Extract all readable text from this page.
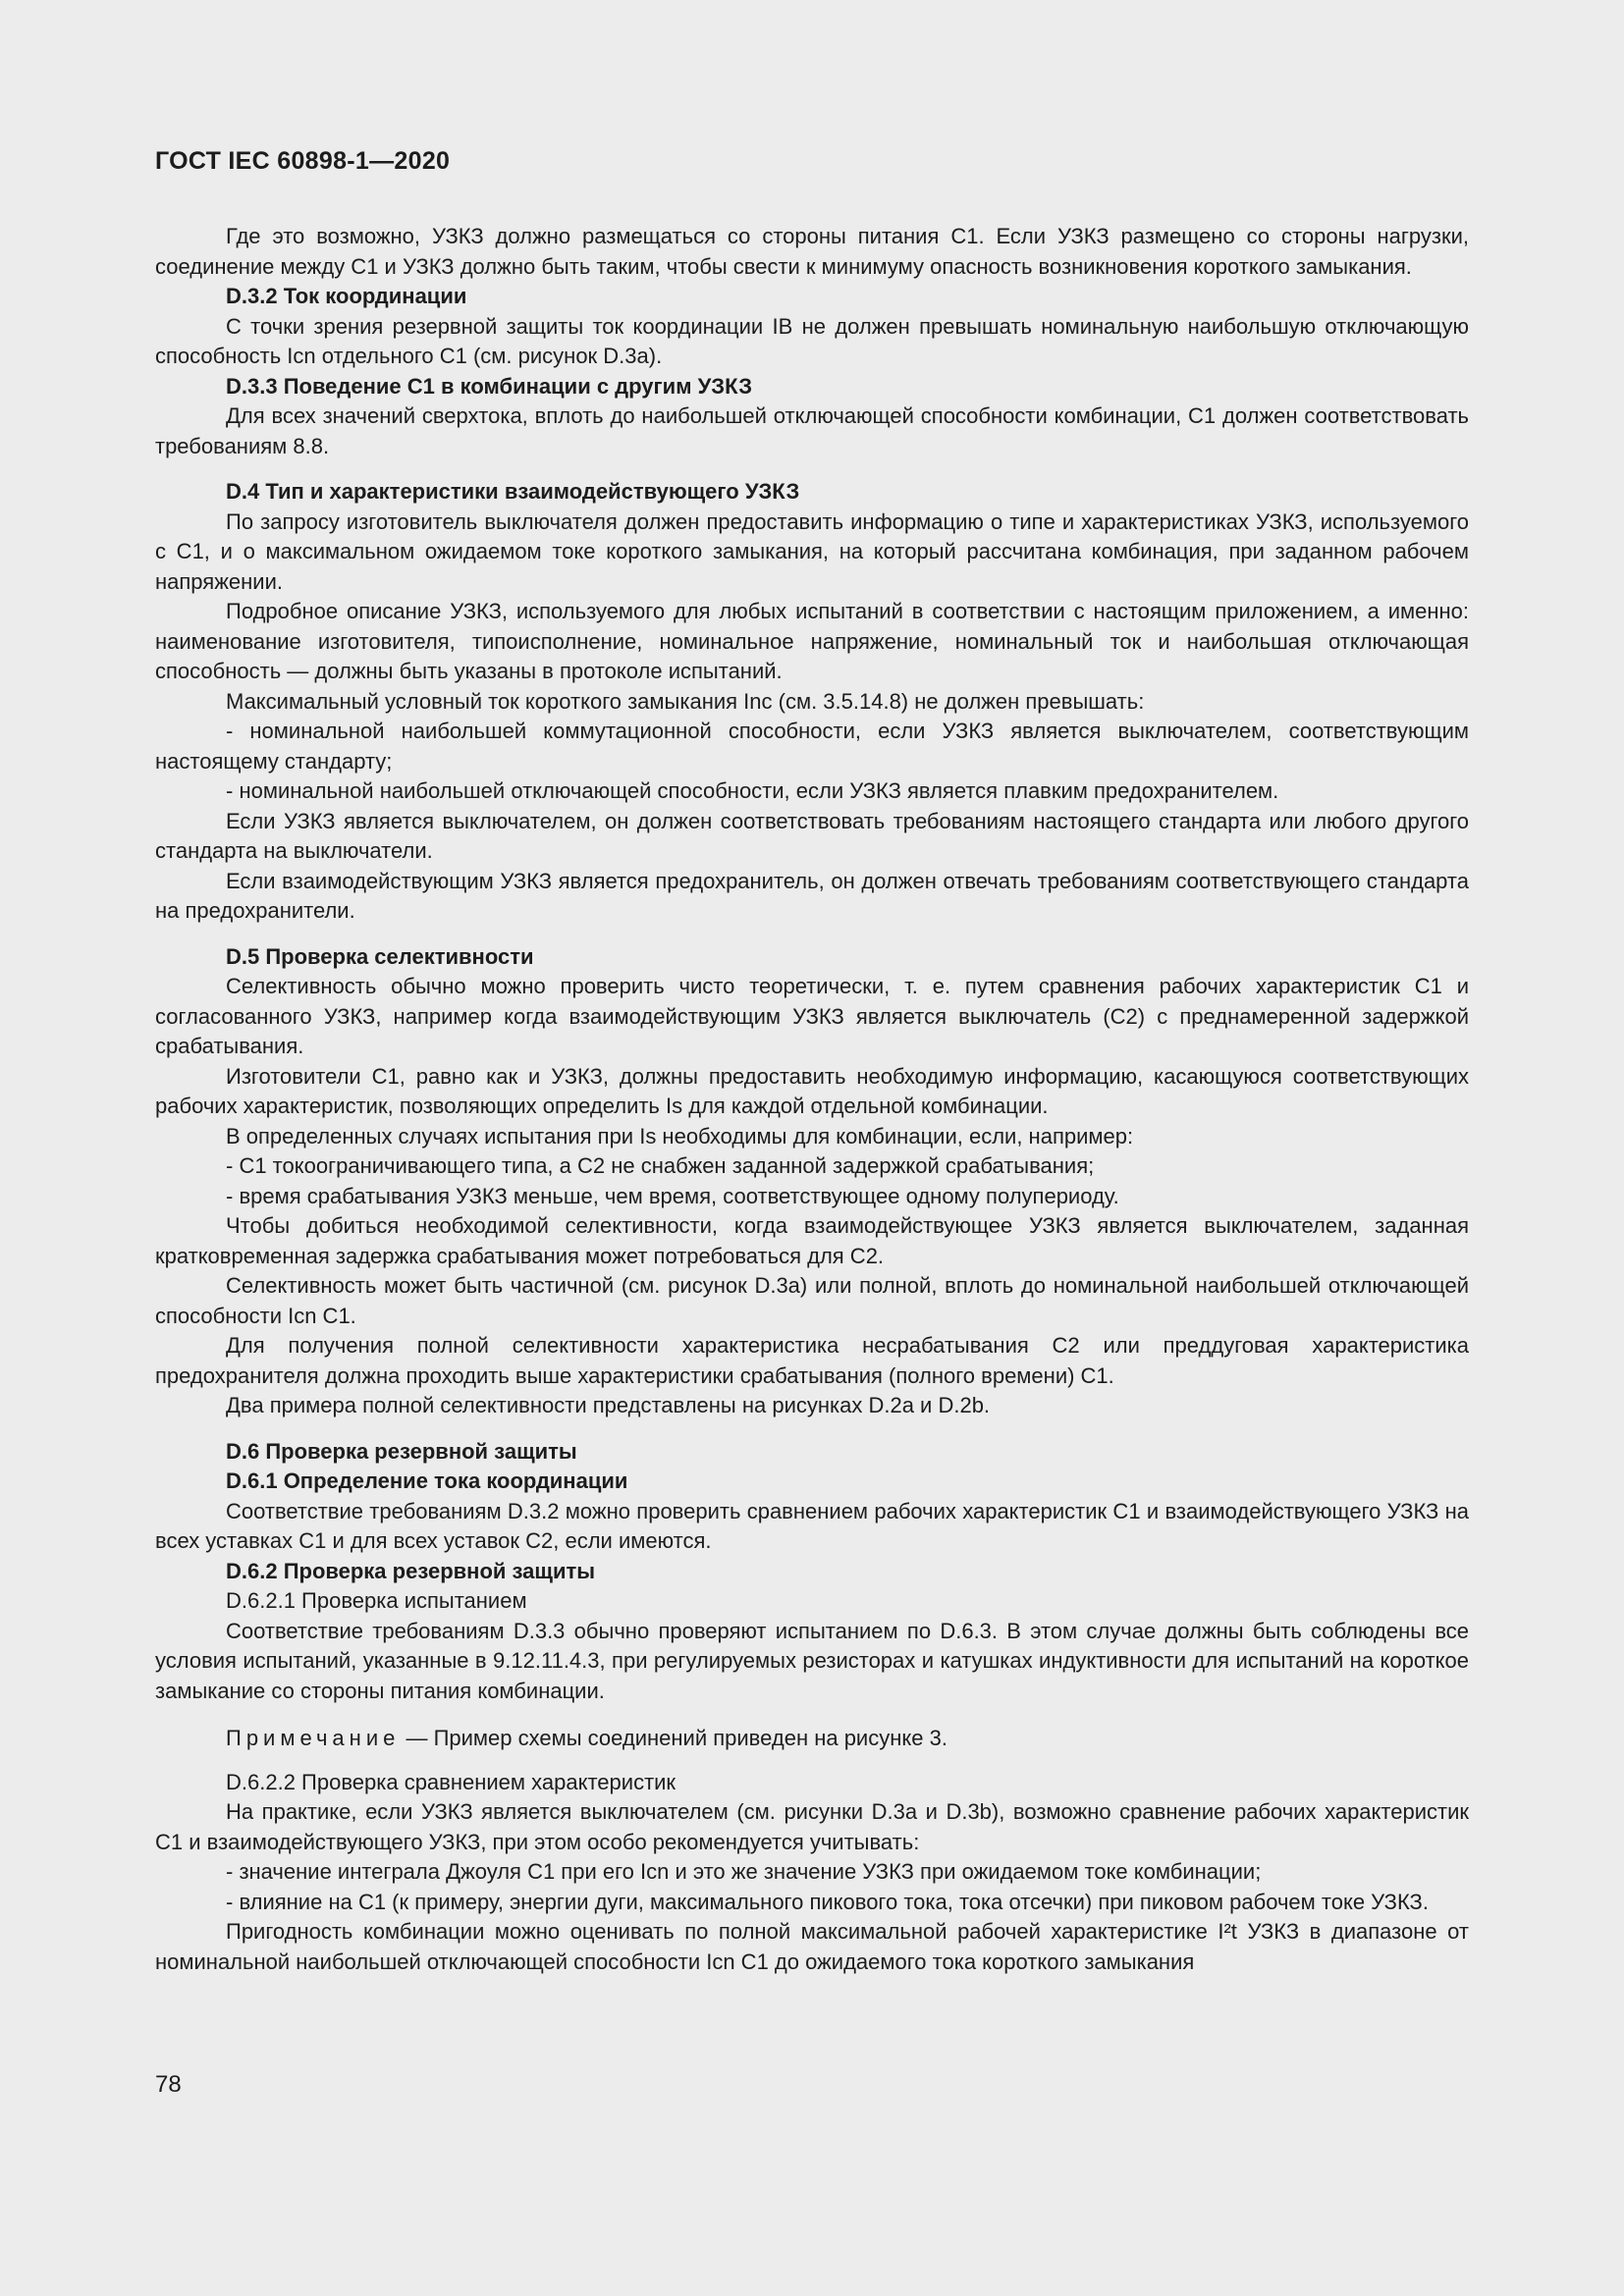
ГОСТ IEC 60898-1—2020
Где это возможно, УЗКЗ должно размещаться со стороны питания C1. Если УЗКЗ размещено со стороны нагрузки, соединение между C1 и УЗКЗ должно быть таким, чтобы свести к минимуму опасность возникновения короткого замыкания.
D.3.2 Ток координации
С точки зрения резервной защиты ток координации IB не должен превышать номинальную наибольшую отключающую способность Icn отдельного C1 (см. рисунок D.3а).
D.3.3 Поведение C1 в комбинации с другим УЗКЗ
Для всех значений сверхтока, вплоть до наибольшей отключающей способности комбинации, C1 должен соответствовать требованиям 8.8.
D.4 Тип и характеристики взаимодействующего УЗКЗ
По запросу изготовитель выключателя должен предоставить информацию о типе и характеристиках УЗКЗ, используемого с C1, и о максимальном ожидаемом токе короткого замыкания, на который рассчитана комбинация, при заданном рабочем напряжении.
Подробное описание УЗКЗ, используемого для любых испытаний в соответствии с настоящим приложением, а именно: наименование изготовителя, типоисполнение, номинальное напряжение, номинальный ток и наибольшая отключающая способность — должны быть указаны в протоколе испытаний.
Максимальный условный ток короткого замыкания Inc (см. 3.5.14.8) не должен превышать:
- номинальной наибольшей коммутационной способности, если УЗКЗ является выключателем, соответствующим настоящему стандарту;
- номинальной наибольшей отключающей способности, если УЗКЗ является плавким предохранителем.
Если УЗКЗ является выключателем, он должен соответствовать требованиям настоящего стандарта или любого другого стандарта на выключатели.
Если взаимодействующим УЗКЗ является предохранитель, он должен отвечать требованиям соответствующего стандарта на предохранители.
D.5 Проверка селективности
Селективность обычно можно проверить чисто теоретически, т. е. путем сравнения рабочих характеристик C1 и согласованного УЗКЗ, например когда взаимодействующим УЗКЗ является выключатель (C2) с преднамеренной задержкой срабатывания.
Изготовители C1, равно как и УЗКЗ, должны предоставить необходимую информацию, касающуюся соответствующих рабочих характеристик, позволяющих определить Is для каждой отдельной комбинации.
В определенных случаях испытания при Is необходимы для комбинации, если, например:
- C1 токоограничивающего типа, а C2 не снабжен заданной задержкой срабатывания;
- время срабатывания УЗКЗ меньше, чем время, соответствующее одному полупериоду.
Чтобы добиться необходимой селективности, когда взаимодействующее УЗКЗ является выключателем, заданная кратковременная задержка срабатывания может потребоваться для C2.
Селективность может быть частичной (см. рисунок D.3а) или полной, вплоть до номинальной наибольшей отключающей способности Icn C1.
Для получения полной селективности характеристика несрабатывания C2 или преддуговая характеристика предохранителя должна проходить выше характеристики срабатывания (полного времени) C1.
Два примера полной селективности представлены на рисунках D.2a и D.2b.
D.6 Проверка резервной защиты
D.6.1 Определение тока координации
Соответствие требованиям D.3.2 можно проверить сравнением рабочих характеристик C1 и взаимодействующего УЗКЗ на всех уставках C1 и для всех уставок C2, если имеются.
D.6.2 Проверка резервной защиты
D.6.2.1 Проверка испытанием
Соответствие требованиям D.3.3 обычно проверяют испытанием по D.6.3. В этом случае должны быть соблюдены все условия испытаний, указанные в 9.12.11.4.3, при регулируемых резисторах и катушках индуктивности для испытаний на короткое замыкание со стороны питания комбинации.
Примечание — Пример схемы соединений приведен на рисунке 3.
D.6.2.2 Проверка сравнением характеристик
На практике, если УЗКЗ является выключателем (см. рисунки D.3а и D.3b), возможно сравнение рабочих характеристик C1 и взаимодействующего УЗКЗ, при этом особо рекомендуется учитывать:
- значение интеграла Джоуля C1 при его Icn и это же значение УЗКЗ при ожидаемом токе комбинации;
- влияние на C1 (к примеру, энергии дуги, максимального пикового тока, тока отсечки) при пиковом рабочем токе УЗКЗ.
Пригодность комбинации можно оценивать по полной максимальной рабочей характеристике I²t УЗКЗ в диапазоне от номинальной наибольшей отключающей способности Icn C1 до ожидаемого тока короткого замыкания
78
